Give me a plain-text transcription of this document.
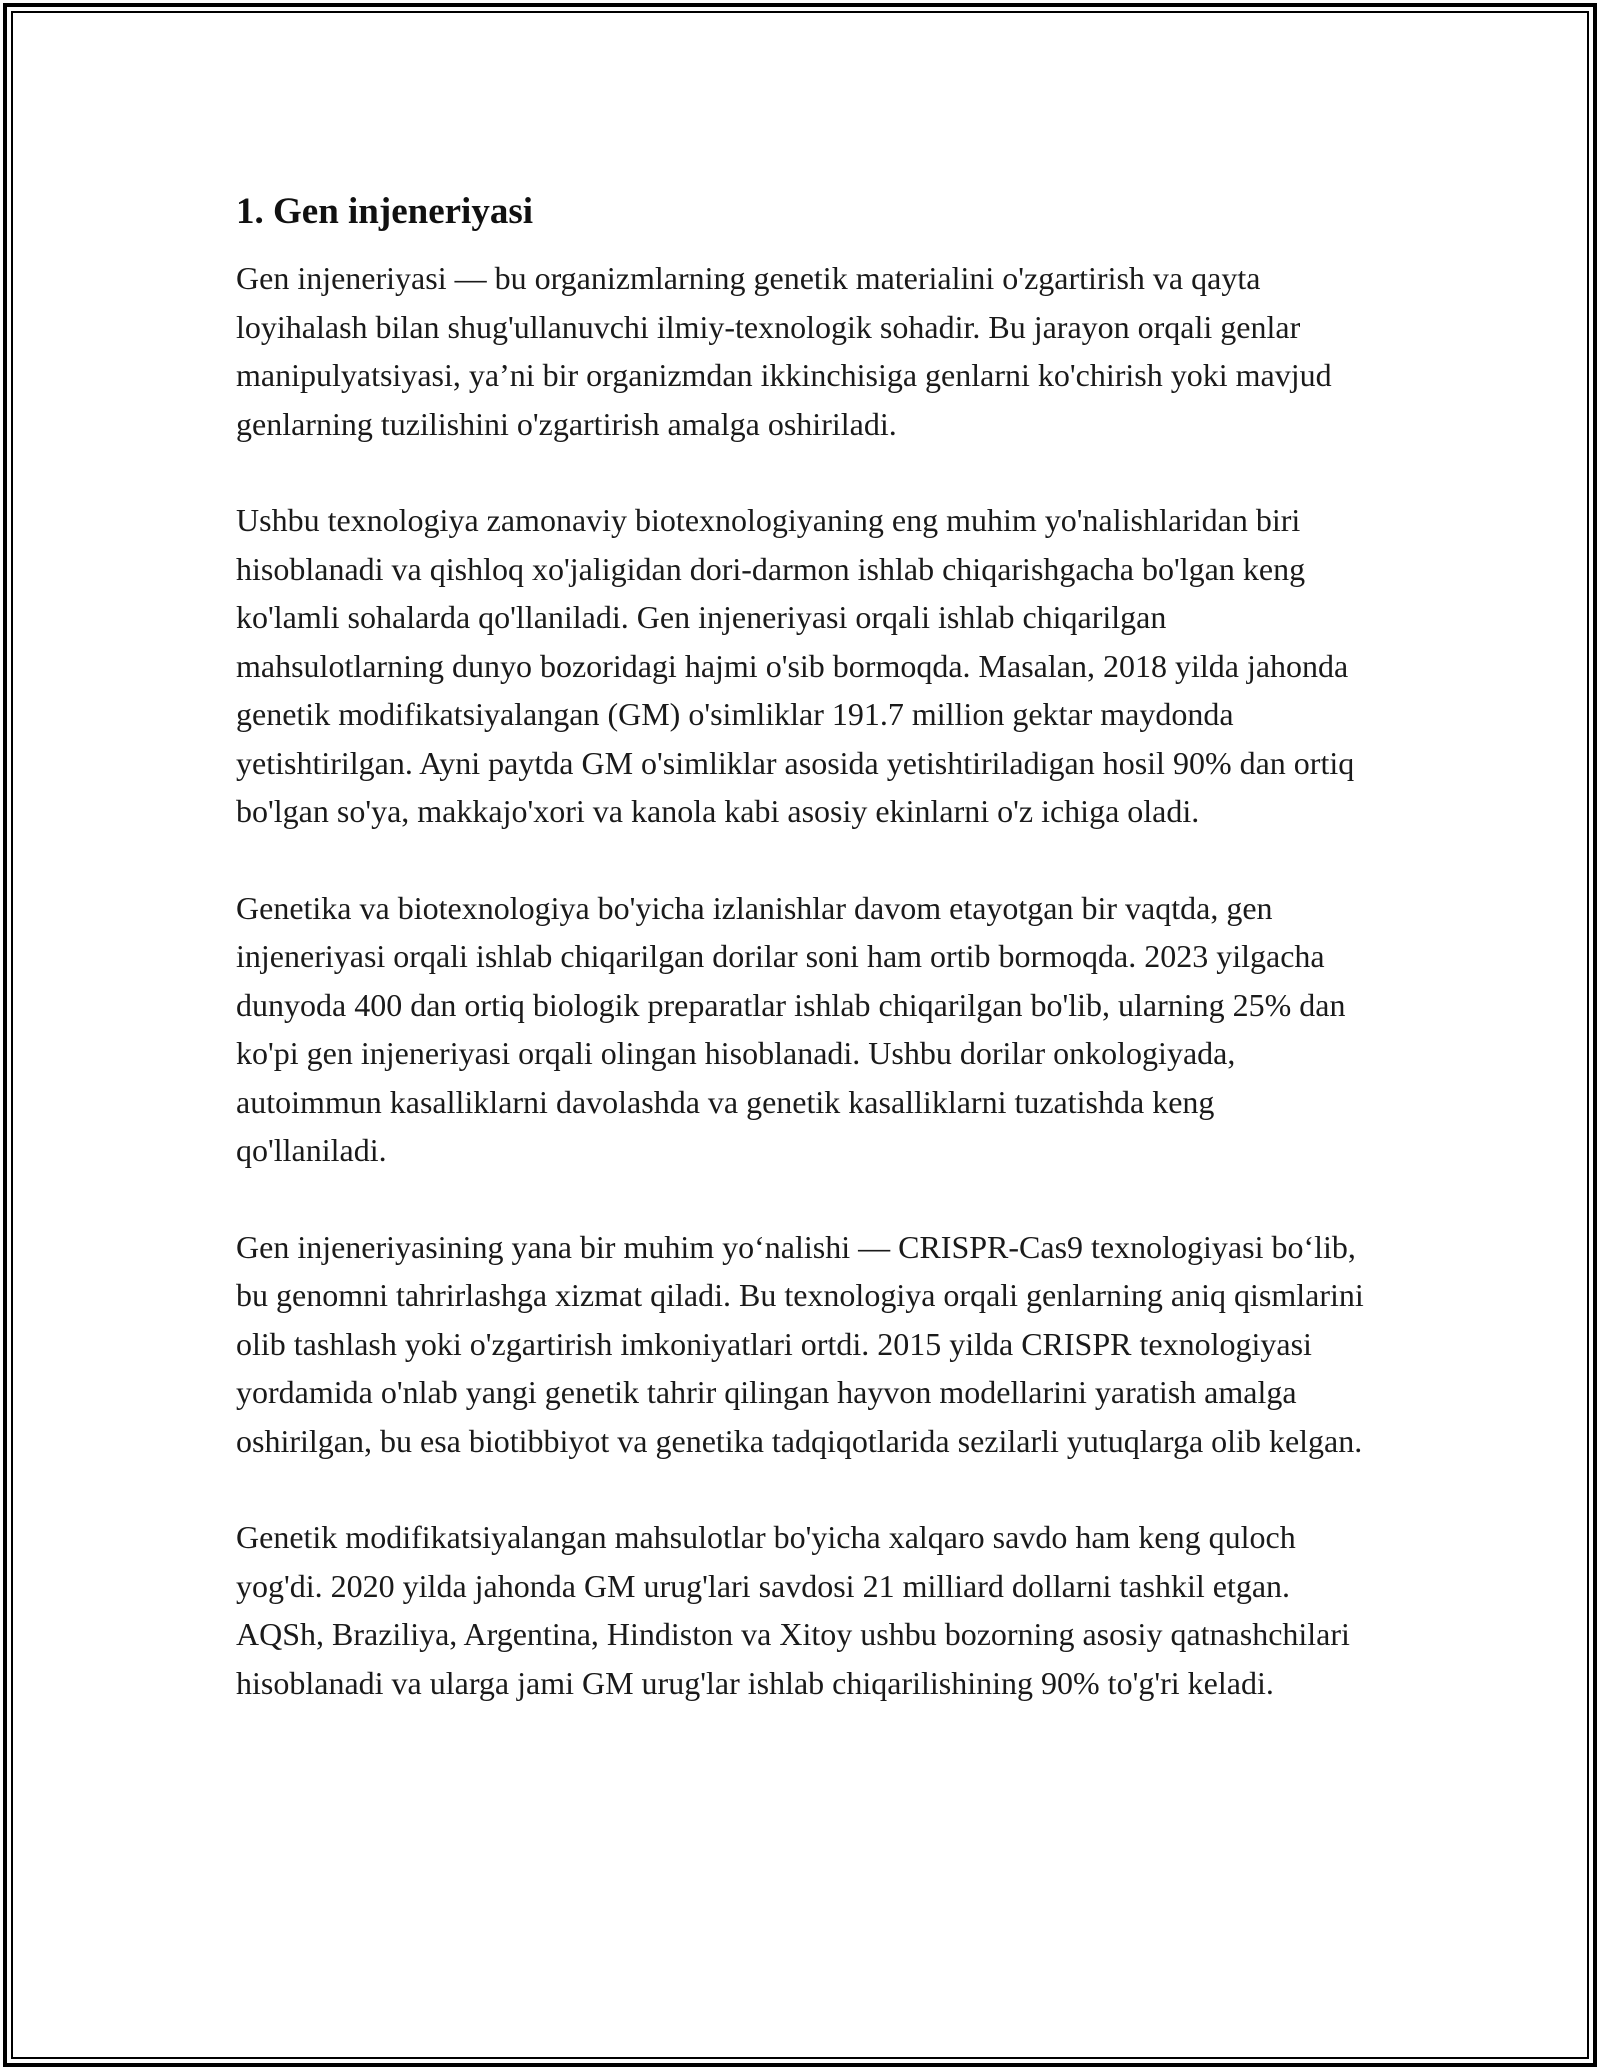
1. Gen injeneriyasi

Gen injeneriyasi — bu organizmlarning genetik materialini o'zgartirish va qayta loyihalash bilan shug'ullanuvchi ilmiy-texnologik sohadir. Bu jarayon orqali genlar manipulyatsiyasi, ya’ni bir organizmdan ikkinchisiga genlarni ko'chirish yoki mavjud genlarning tuzilishini o'zgartirish amalga oshiriladi.

Ushbu texnologiya zamonaviy biotexnologiyaning eng muhim yo'nalishlaridan biri hisoblanadi va qishloq xo'jaligidan dori-darmon ishlab chiqarishgacha bo'lgan keng ko'lamli sohalarda qo'llaniladi. Gen injeneriyasi orqali ishlab chiqarilgan mahsulotlarning dunyo bozoridagi hajmi o'sib bormoqda. Masalan, 2018 yilda jahonda genetik modifikatsiyalangan (GM) o'simliklar 191.7 million gektar maydonda yetishtirilgan. Ayni paytda GM o'simliklar asosida yetishtiriladigan hosil 90% dan ortiq bo'lgan so'ya, makkajo'xori va kanola kabi asosiy ekinlarni o'z ichiga oladi.

Genetika va biotexnologiya bo'yicha izlanishlar davom etayotgan bir vaqtda, gen injeneriyasi orqali ishlab chiqarilgan dorilar soni ham ortib bormoqda. 2023 yilgacha dunyoda 400 dan ortiq biologik preparatlar ishlab chiqarilgan bo'lib, ularning 25% dan ko'pi gen injeneriyasi orqali olingan hisoblanadi. Ushbu dorilar onkologiyada, autoimmun kasalliklarni davolashda va genetik kasalliklarni tuzatishda keng qo'llaniladi.

Gen injeneriyasining yana bir muhim yo‘nalishi — CRISPR-Cas9 texnologiyasi bo‘lib, bu genomni tahrirlashga xizmat qiladi. Bu texnologiya orqali genlarning aniq qismlarini olib tashlash yoki o'zgartirish imkoniyatlari ortdi. 2015 yilda CRISPR texnologiyasi yordamida o'nlab yangi genetik tahrir qilingan hayvon modellarini yaratish amalga oshirilgan, bu esa biotibbiyot va genetika tadqiqotlarida sezilarli yutuqlarga olib kelgan.

Genetik modifikatsiyalangan mahsulotlar bo'yicha xalqaro savdo ham keng quloch yog'di. 2020 yilda jahonda GM urug'lari savdosi 21 milliard dollarni tashkil etgan. AQSh, Braziliya, Argentina, Hindiston va Xitoy ushbu bozorning asosiy qatnashchilari hisoblanadi va ularga jami GM urug'lar ishlab chiqarilishining 90% to'g'ri keladi.
